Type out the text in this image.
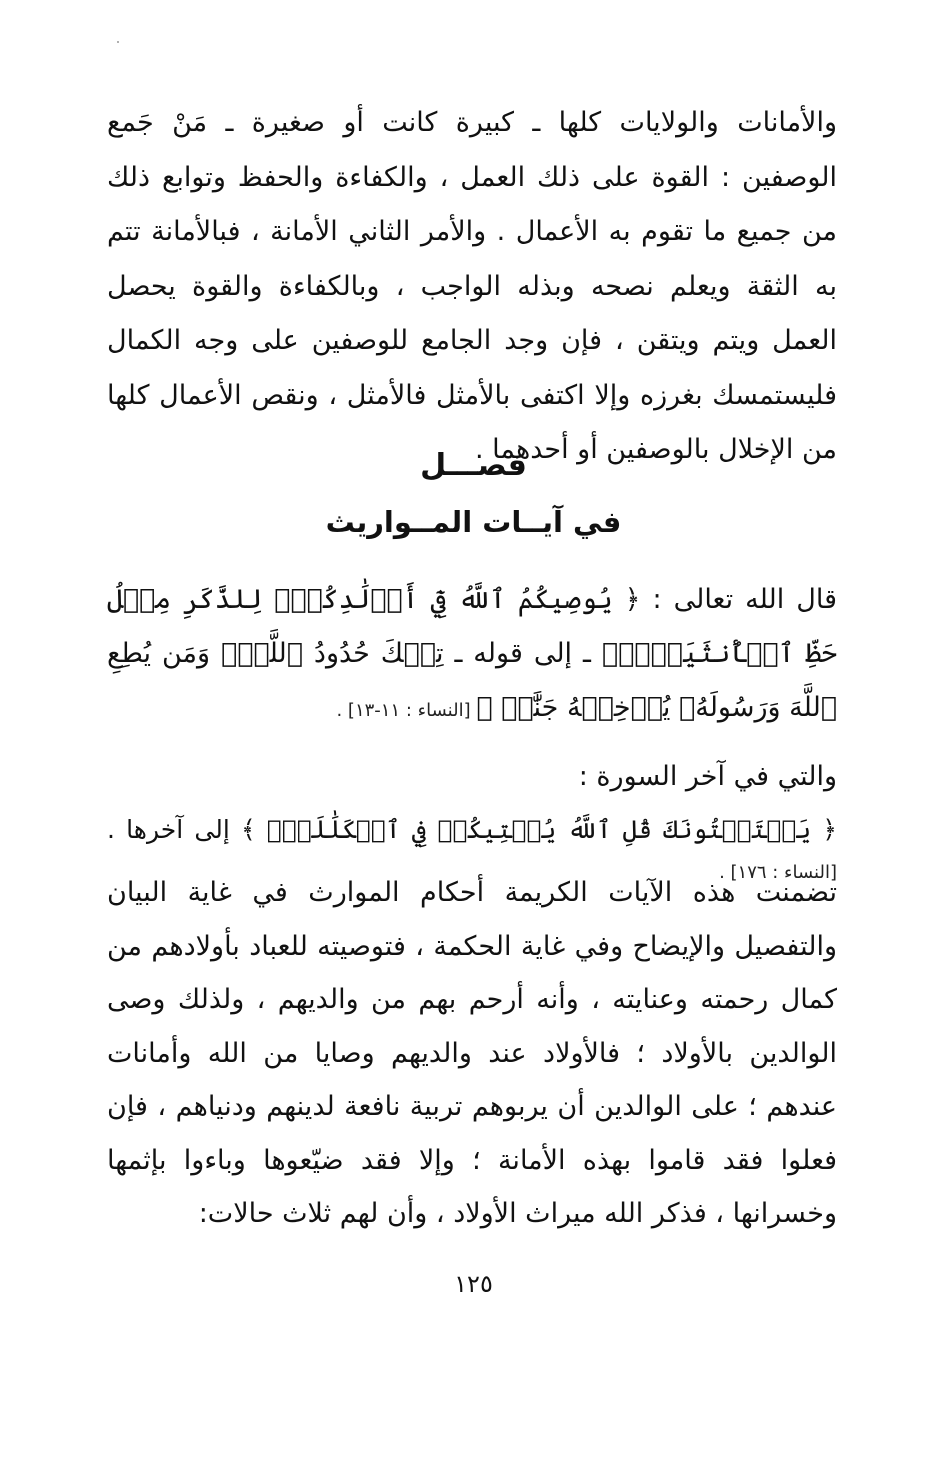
والأمانات والولايات كلها ـ كبيرة كانت أو صغيرة ـ مَنْ جَمع الوصفين : القوة على ذلك العمل ، والكفاءة والحفظ وتوابع ذلك من جميع ما تقوم به الأعمال . والأمر الثاني الأمانة ، فبالأمانة تتم به الثقة ويعلم نصحه وبذله الواجب ، وبالكفاءة والقوة يحصل العمل ويتم ويتقن ، فإن وجد الجامع للوصفين على وجه الكمال فليستمسك بغرزه وإلا اكتفى بالأمثل فالأمثل ، ونقص الأعمال كلها من الإخلال بالوصفين أو أحدهما .

فصـــل
في آيــات المــواريث

قال الله تعالى : ﴿ يُوصِيكُمُ ٱللَّهُ فِيٓ أَوۡلَٰدِكُمۡۖ لِلذَّكَرِ مِثۡلُ حَظِّ ٱلۡأُنثَيَيۡنِۚ ـ إلى قوله ـ تِلۡكَ حُدُودُ ٱللَّهِۚ وَمَن يُطِعِ ٱللَّهَ وَرَسُولَهُۥ يُدۡخِلۡهُ جَنَّٰتٖ ﴾ [النساء : ١١-١٣] .

والتي في آخر السورة :

﴿ يَسۡتَفۡتُونَكَ قُلِ ٱللَّهُ يُفۡتِيكُمۡ فِي ٱلۡكَلَٰلَةِۚ ﴾ إلى آخرها . [النساء : ١٧٦] .

تضمنت هذه الآيات الكريمة أحكام الموارث في غاية البيان والتفصيل والإيضاح وفي غاية الحكمة ، فتوصيته للعباد بأولادهم من كمال رحمته وعنايته ، وأنه أرحم بهم من والديهم ، ولذلك وصى الوالدين بالأولاد ؛ فالأولاد عند والديهم وصايا من الله وأمانات عندهم ؛ على الوالدين أن يربوهم تربية نافعة لدينهم ودنياهم ، فإن فعلوا فقد قاموا بهذه الأمانة ؛ وإلا فقد ضيّعوها وباءوا بإثمها وخسرانها ، فذكر الله ميراث الأولاد ، وأن لهم ثلاث حالات:

١٢٥
